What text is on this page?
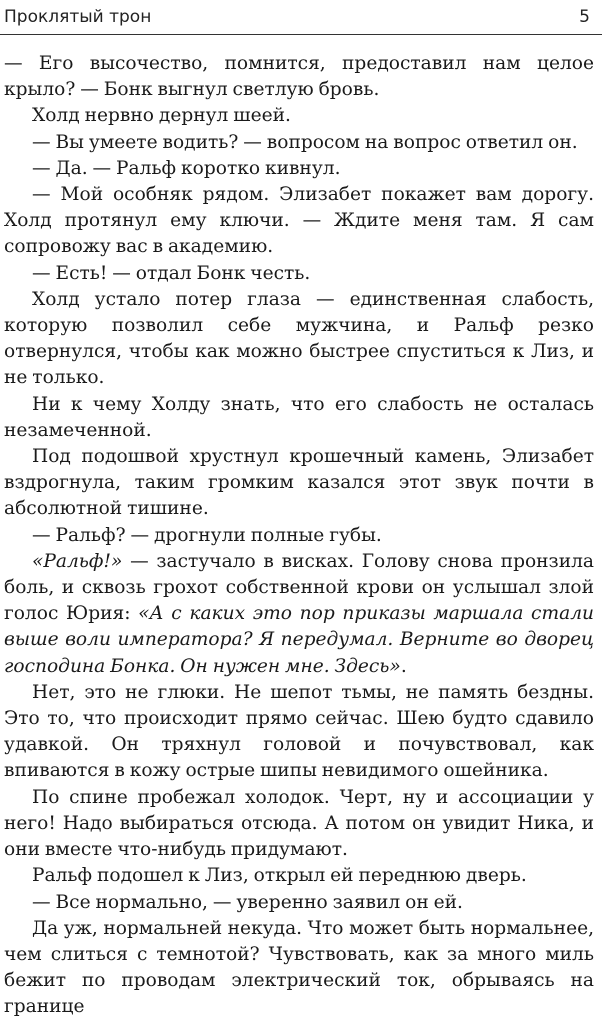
Проклятый трон	5

— Его высочество, помнится, предоставил нам целое крыло? — Бонк выгнул светлую бровь.

Холд нервно дернул шеей.

— Вы умеете водить? — вопросом на вопрос ответил он.

— Да. — Ральф коротко кивнул.

— Мой особняк рядом. Элизабет покажет вам дорогу. Холд протянул ему ключи. — Ждите меня там. Я сам сопровожу вас в академию.

— Есть! — отдал Бонк честь.

Холд устало потер глаза — единственная слабость, которую позволил себе мужчина, и Ральф резко отвернулся, чтобы как можно быстрее спуститься к Лиз, и не только.

Ни к чему Холду знать, что его слабость не осталась незамеченной.

Под подошвой хрустнул крошечный камень, Элизабет вздрогнула, таким громким казался этот звук почти в абсолютной тишине.

— Ральф? — дрогнули полные губы.

«Ральф!» — застучало в висках. Голову снова пронзила боль, и сквозь грохот собственной крови он услышал злой голос Юрия: «А с каких это пор приказы маршала стали выше воли императора? Я передумал. Верните во дворец господина Бонка. Он нужен мне. Здесь».

Нет, это не глюки. Не шепот тьмы, не память бездны. Это то, что происходит прямо сейчас. Шею будто сдавило удавкой. Он тряхнул головой и почувствовал, как впиваются в кожу острые шипы невидимого ошейника.

По спине пробежал холодок. Черт, ну и ассоциации у него! Надо выбираться отсюда. А потом он увидит Ника, и они вместе что-нибудь придумают.

Ральф подошел к Лиз, открыл ей переднюю дверь.

— Все нормально, — уверенно заявил он ей.

Да уж, нормальней некуда. Что может быть нормальнее, чем слиться с темнотой? Чувствовать, как за много миль бежит по проводам электрический ток, обрываясь на границе
